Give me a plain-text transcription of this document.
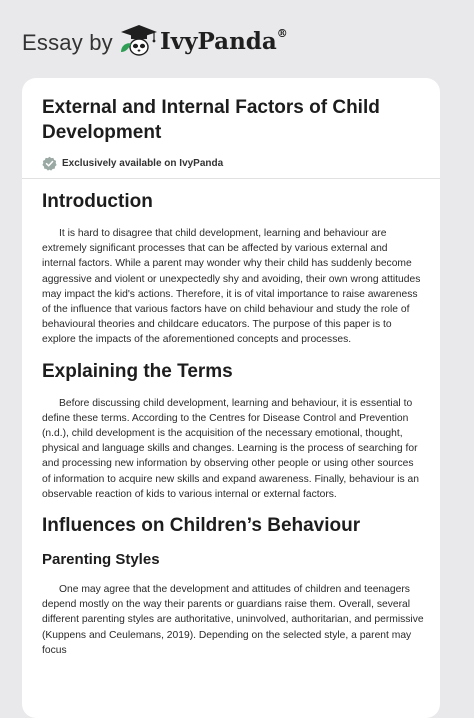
Essay by IvyPanda®
External and Internal Factors of Child Development
Exclusively available on IvyPanda
Introduction

It is hard to disagree that child development, learning and behaviour are extremely significant processes that can be affected by various external and internal factors. While a parent may wonder why their child has suddenly become aggressive and violent or unexpectedly shy and avoiding, their own wrong attitudes may impact the kid's actions. Therefore, it is of vital importance to raise awareness of the influence that various factors have on child behaviour and study the role of behavioural theories and childcare educators. The purpose of this paper is to explore the impacts of the aforementioned concepts and processes.

Explaining the Terms

Before discussing child development, learning and behaviour, it is essential to define these terms. According to the Centres for Disease Control and Prevention (n.d.), child development is the acquisition of the necessary emotional, thought, physical and language skills and changes. Learning is the process of searching for and processing new information by observing other people or using other sources of information to acquire new skills and expand awareness. Finally, behaviour is an observable reaction of kids to various internal or external factors.

Influences on Children’s Behaviour
Parenting Styles

One may agree that the development and attitudes of children and teenagers depend mostly on the way their parents or guardians raise them. Overall, several different parenting styles are authoritative, uninvolved, authoritarian, and permissive (Kuppens and Ceulemans, 2019). Depending on the selected style, a parent may focus
